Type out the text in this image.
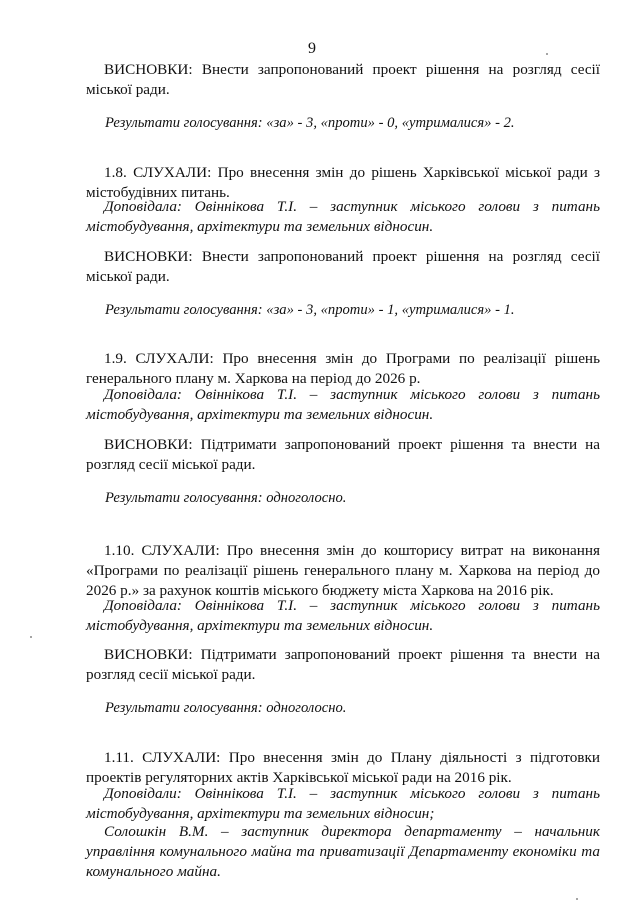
9
ВИСНОВКИ: Внести запропонований проект рішення на розгляд сесії міської ради.
Результати голосування: «за» - 3, «проти» - 0, «утрималися» - 2.
1.8. СЛУХАЛИ: Про внесення змін до рішень Харківської міської ради з містобудівних питань.
Доповідала: Овіннікова Т.І. – заступник міського голови з питань містобудування, архітектури та земельних відносин.
ВИСНОВКИ: Внести запропонований проект рішення на розгляд сесії міської ради.
Результати голосування: «за» - 3, «проти» - 1, «утрималися» - 1.
1.9. СЛУХАЛИ: Про внесення змін до Програми по реалізації рішень генерального плану м. Харкова на період до 2026 р.
Доповідала: Овіннікова Т.І. – заступник міського голови з питань містобудування, архітектури та земельних відносин.
ВИСНОВКИ: Підтримати запропонований проект рішення та внести на розгляд сесії міської ради.
Результати голосування: одноголосно.
1.10. СЛУХАЛИ: Про внесення змін до кошторису витрат на виконання «Програми по реалізації рішень генерального плану м. Харкова на період до 2026 р.» за рахунок коштів міського бюджету міста Харкова на 2016 рік.
Доповідала: Овіннікова Т.І. – заступник міського голови з питань містобудування, архітектури та земельних відносин.
ВИСНОВКИ: Підтримати запропонований проект рішення та внести на розгляд сесії міської ради.
Результати голосування: одноголосно.
1.11. СЛУХАЛИ: Про внесення змін до Плану діяльності з підготовки проектів регуляторних актів Харківської міської ради на 2016 рік.
Доповідали: Овіннікова Т.І. – заступник міського голови з питань містобудування, архітектури та земельних відносин;
Солошкін В.М. – заступник директора департаменту – начальник управління комунального майна та приватизації Департаменту економіки та комунального майна.
